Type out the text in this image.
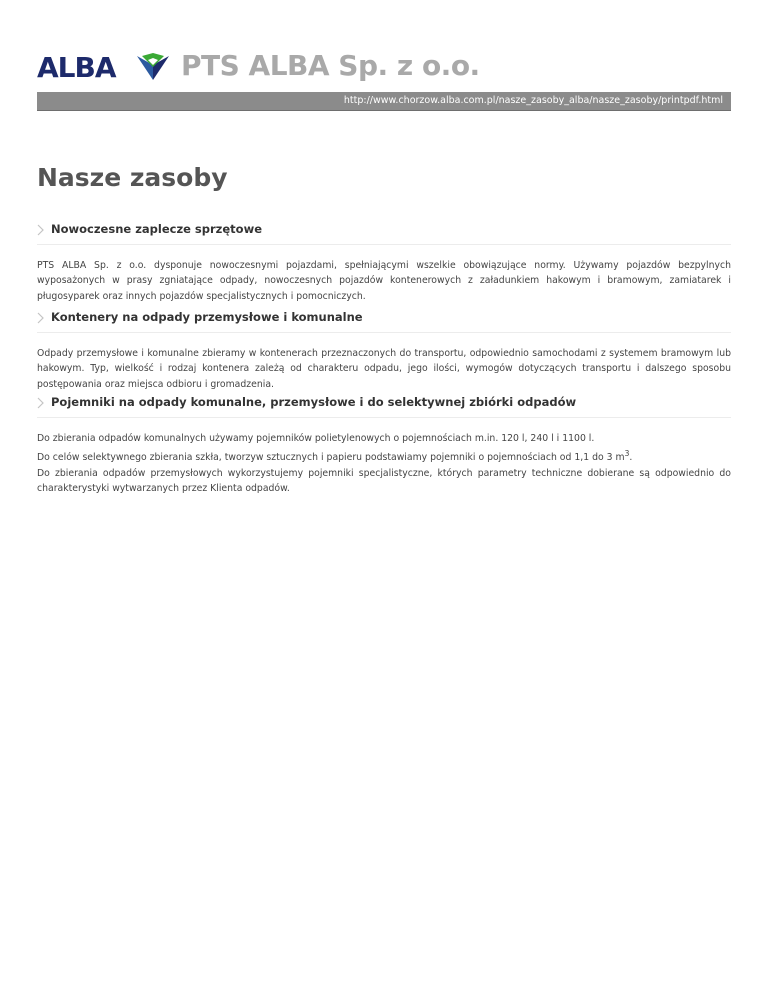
ALBA PTS ALBA Sp. z o.o.
http://www.chorzow.alba.com.pl/nasze_zasoby_alba/nasze_zasoby/printpdf.html
Nasze zasoby
Nowoczesne zaplecze sprzętowe

PTS ALBA Sp. z o.o. dysponuje nowoczesnymi pojazdami, spełniającymi wszelkie obowiązujące normy. Używamy pojazdów bezpylnych wyposażonych w prasy zgniatające odpady, nowoczesnych pojazdów kontenerowych z załadunkiem hakowym i bramowym, zamiatarek i pługosyparek oraz innych pojazdów specjalistycznych i pomocniczych.

Kontenery na odpady przemysłowe i komunalne

Odpady przemysłowe i komunalne zbieramy w kontenerach przeznaczonych do transportu, odpowiednio samochodami z systemem bramowym lub hakowym. Typ, wielkość i rodzaj kontenera zależą od charakteru odpadu, jego ilości, wymogów dotyczących transportu i dalszego sposobu postępowania oraz miejsca odbioru i gromadzenia.

Pojemniki na odpady komunalne, przemysłowe i do selektywnej zbiórki odpadów

Do zbierania odpadów komunalnych używamy pojemników polietylenowych o pojemnościach m.in. 120 l, 240 l i 1100 l.

Do celów selektywnego zbierania szkła, tworzyw sztucznych i papieru podstawiamy pojemniki o pojemnościach od 1,1 do 3 $m^3$.

Do zbierania odpadów przemysłowych wykorzystujemy pojemniki specjalistyczne, których parametry techniczne dobierane są odpowiednio do charakterystyki wytwarzanych przez Klienta odpadów.
